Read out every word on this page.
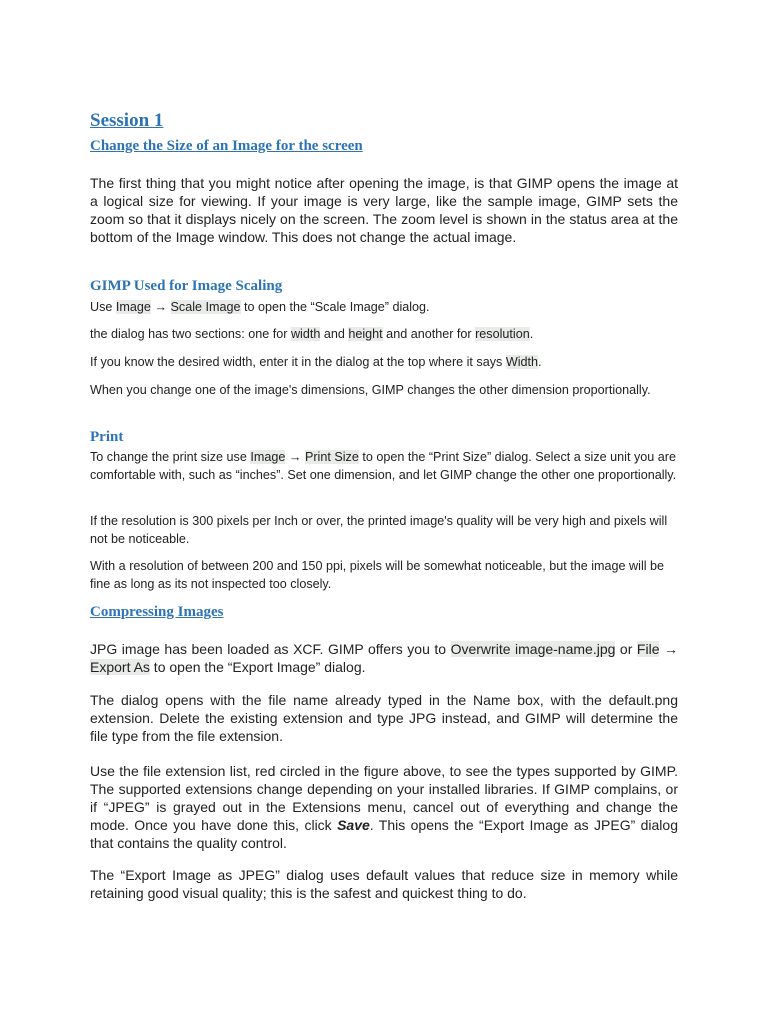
Session 1
Change the Size of an Image for the screen

The first thing that you might notice after opening the image, is that GIMP opens the image at a logical size for viewing. If your image is very large, like the sample image, GIMP sets the zoom so that it displays nicely on the screen. The zoom level is shown in the status area at the bottom of the Image window. This does not change the actual image.

GIMP Used for Image Scaling

Use Image → Scale Image to open the “Scale Image” dialog.

the dialog has two sections: one for width and height and another for resolution.

If you know the desired width, enter it in the dialog at the top where it says Width.

When you change one of the image's dimensions, GIMP changes the other dimension proportionally.

Print

To change the print size use Image → Print Size to open the “Print Size” dialog. Select a size unit you are comfortable with, such as “inches”. Set one dimension, and let GIMP change the other one proportionally.

If the resolution is 300 pixels per Inch or over, the printed image's quality will be very high and pixels will not be noticeable.

With a resolution of between 200 and 150 ppi, pixels will be somewhat noticeable, but the image will be fine as long as its not inspected too closely.

Compressing Images

JPG image has been loaded as XCF. GIMP offers you to Overwrite image-name.jpg or File → Export As to open the “Export Image” dialog.

The dialog opens with the file name already typed in the Name box, with the default.png extension. Delete the existing extension and type JPG instead, and GIMP will determine the file type from the file extension.

Use the file extension list, red circled in the figure above, to see the types supported by GIMP. The supported extensions change depending on your installed libraries. If GIMP complains, or if “JPEG” is grayed out in the Extensions menu, cancel out of everything and change the mode. Once you have done this, click Save. This opens the “Export Image as JPEG” dialog that contains the quality control.

The “Export Image as JPEG” dialog uses default values that reduce size in memory while retaining good visual quality; this is the safest and quickest thing to do.
